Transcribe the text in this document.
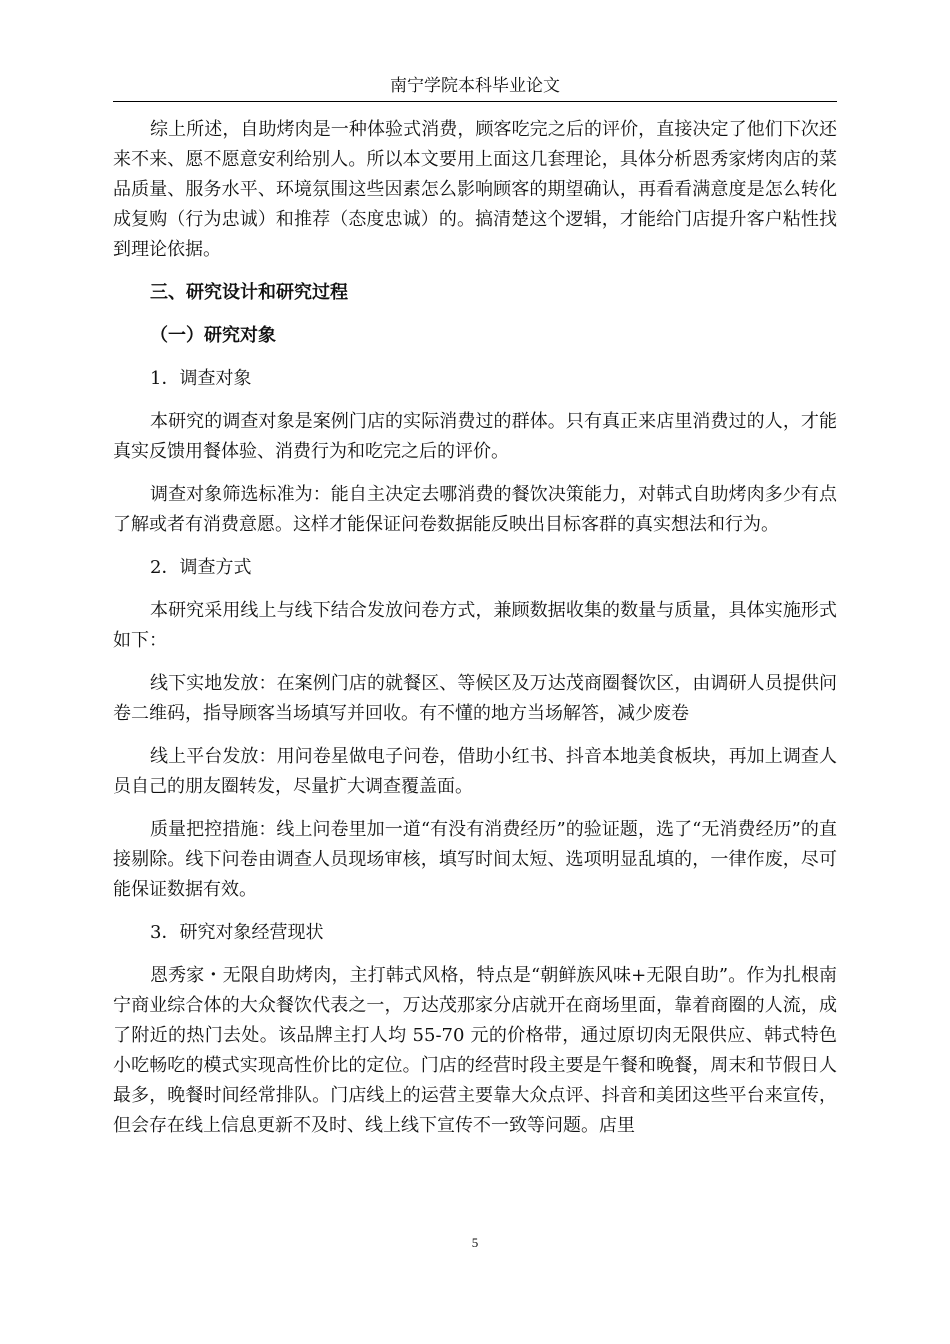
南宁学院本科毕业论文

综上所述，自助烤肉是一种体验式消费，顾客吃完之后的评价，直接决定了他们下次还来不来、愿不愿意安利给别人。所以本文要用上面这几套理论，具体分析恩秀家烤肉店的菜品质量、服务水平、环境氛围这些因素怎么影响顾客的期望确认，再看看满意度是怎么转化成复购（行为忠诚）和推荐（态度忠诚）的。搞清楚这个逻辑，才能给门店提升客户粘性找到理论依据。

三、研究设计和研究过程

（一）研究对象

1．调查对象

本研究的调查对象是案例门店的实际消费过的群体。只有真正来店里消费过的人，才能真实反馈用餐体验、消费行为和吃完之后的评价。

调查对象筛选标准为：能自主决定去哪消费的餐饮决策能力，对韩式自助烤肉多少有点了解或者有消费意愿。这样才能保证问卷数据能反映出目标客群的真实想法和行为。

2．调查方式

本研究采用线上与线下结合发放问卷方式，兼顾数据收集的数量与质量，具体实施形式如下：

线下实地发放：在案例门店的就餐区、等候区及万达茂商圈餐饮区，由调研人员提供问卷二维码，指导顾客当场填写并回收。有不懂的地方当场解答，减少废卷

线上平台发放：用问卷星做电子问卷，借助小红书、抖音本地美食板块，再加上调查人员自己的朋友圈转发，尽量扩大调查覆盖面。

质量把控措施：线上问卷里加一道“有没有消费经历”的验证题，选了“无消费经历”的直接剔除。线下问卷由调查人员现场审核，填写时间太短、选项明显乱填的，一律作废，尽可能保证数据有效。

3．研究对象经营现状

恩秀家・无限自助烤肉，主打韩式风格，特点是“朝鲜族风味+无限自助”。作为扎根南宁商业综合体的大众餐饮代表之一，万达茂那家分店就开在商场里面，靠着商圈的人流，成了附近的热门去处。该品牌主打人均 55-70 元的价格带，通过原切肉无限供应、韩式特色小吃畅吃的模式实现高性价比的定位。门店的经营时段主要是午餐和晚餐，周末和节假日人最多，晚餐时间经常排队。门店线上的运营主要靠大众点评、抖音和美团这些平台来宣传，但会存在线上信息更新不及时、线上线下宣传不一致等问题。店里

5
